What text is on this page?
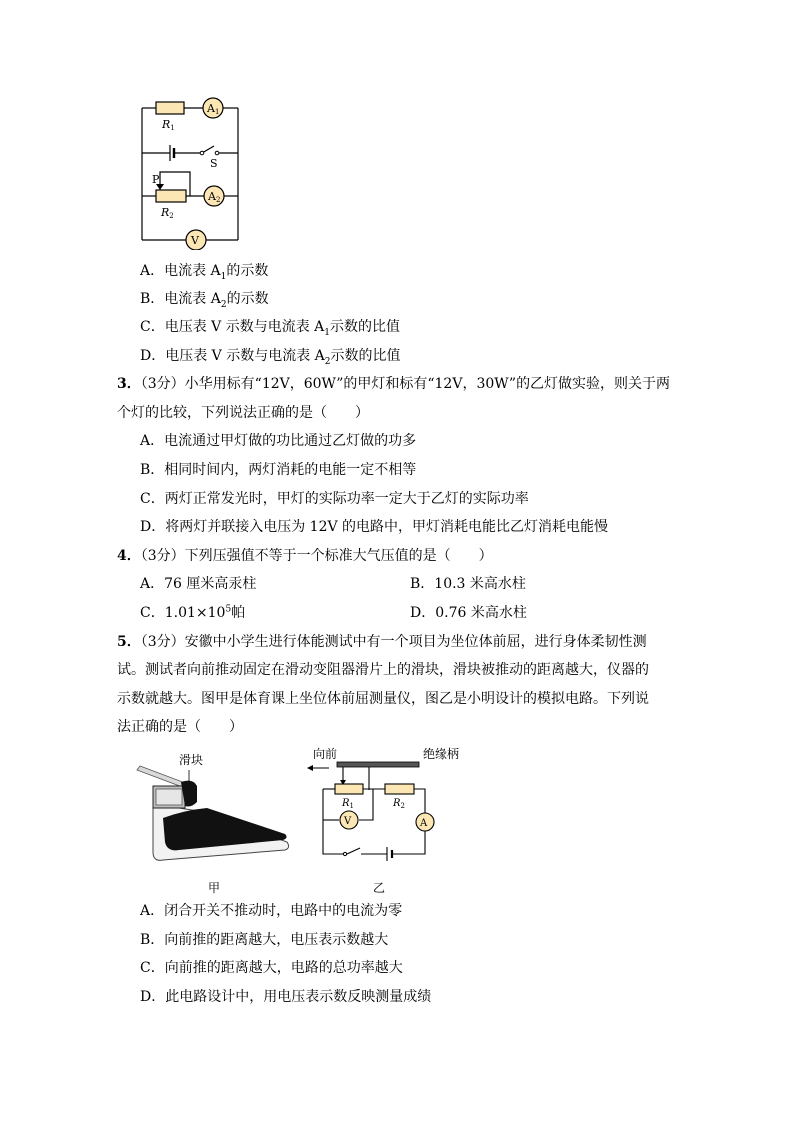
A1
A2
V
R1
R2
S
P
A．电流表 $A_1$的示数
B．电流表 $A_2$的示数
C．电压表 V 示数与电流表 $A_1$示数的比值
D．电压表 V 示数与电流表 $A_2$示数的比值
3．（3分）小华用标有“12V，60W”的甲灯和标有“12V，30W”的乙灯做实验，则关于两
个灯的比较，下列说法正确的是（　　）
A．电流通过甲灯做的功比通过乙灯做的功多
B．相同时间内，两灯消耗的电能一定不相等
C．两灯正常发光时，甲灯的实际功率一定大于乙灯的实际功率
D．将两灯并联接入电压为 12V 的电路中，甲灯消耗电能比乙灯消耗电能慢
4．（3分）下列压强值不等于一个标准大气压值的是（　　）
A．76 厘米高汞柱	B．10.3 米高水柱
C．$1.01\times 10^5$帕	D．0.76 米高水柱
5．（3分）安徽中小学生进行体能测试中有一个项目为坐位体前屈，进行身体柔韧性测
试。测试者向前推动固定在滑动变阻器滑片上的滑块，滑块被推动的距离越大，仪器的
示数就越大。图甲是体育课上坐位体前屈测量仪，图乙是小明设计的模拟电路。下列说
法正确的是（　　）
滑块
甲
向前	绝缘柄
V	A
$R_1$	$R_2$
乙
A．闭合开关不推动时，电路中的电流为零
B．向前推的距离越大，电压表示数越大
C．向前推的距离越大，电路的总功率越大
D．此电路设计中，用电压表示数反映测量成绩
